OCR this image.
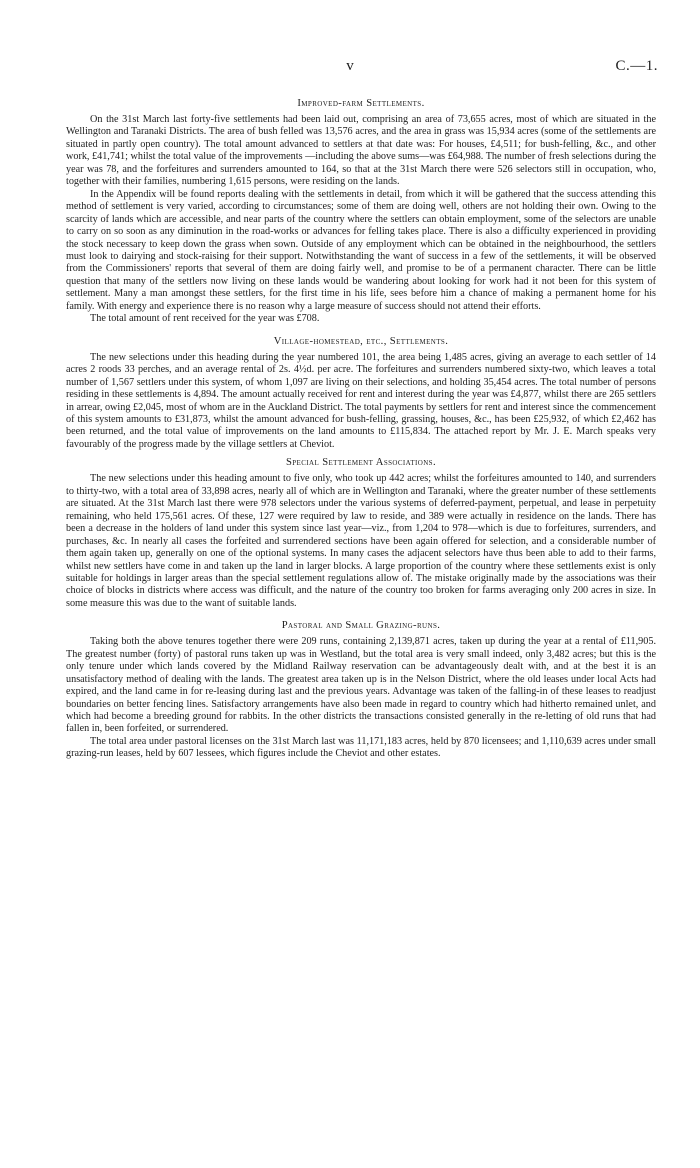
v	C.—1.
Improved-farm Settlements.

On the 31st March last forty-five settlements had been laid out, comprising an area of 73,655 acres, most of which are situated in the Wellington and Taranaki Districts. The area of bush felled was 13,576 acres, and the area in grass was 15,934 acres (some of the settlements are situated in partly open country). The total amount advanced to settlers at that date was: For houses, £4,511; for bush-felling, &c., and other work, £41,741; whilst the total value of the improvements —including the above sums—was £64,988. The number of fresh selections during the year was 78, and the forfeitures and surrenders amounted to 164, so that at the 31st March there were 526 selectors still in occupation, who, together with their families, numbering 1,615 persons, were residing on the lands.

In the Appendix will be found reports dealing with the settlements in detail, from which it will be gathered that the success attending this method of settlement is very varied, according to circumstances; some of them are doing well, others are not holding their own. Owing to the scarcity of lands which are accessible, and near parts of the country where the settlers can obtain employment, some of the selectors are unable to carry on so soon as any diminution in the road-works or advances for felling takes place. There is also a difficulty experienced in providing the stock necessary to keep down the grass when sown. Outside of any employment which can be obtained in the neighbourhood, the settlers must look to dairying and stock-raising for their support. Notwithstanding the want of success in a few of the settlements, it will be observed from the Commissioners' reports that several of them are doing fairly well, and promise to be of a permanent character. There can be little question that many of the settlers now living on these lands would be wandering about looking for work had it not been for this system of settlement. Many a man amongst these settlers, for the first time in his life, sees before him a chance of making a permanent home for his family. With energy and experience there is no reason why a large measure of success should not attend their efforts.

The total amount of rent received for the year was £708.

Village-homestead, etc., Settlements.

The new selections under this heading during the year numbered 101, the area being 1,485 acres, giving an average to each settler of 14 acres 2 roods 33 perches, and an average rental of 2s. 4½d. per acre. The forfeitures and surrenders numbered sixty-two, which leaves a total number of 1,567 settlers under this system, of whom 1,097 are living on their selections, and holding 35,454 acres. The total number of persons residing in these settlements is 4,894. The amount actually received for rent and interest during the year was £4,877, whilst there are 265 settlers in arrear, owing £2,045, most of whom are in the Auckland District. The total payments by settlers for rent and interest since the commencement of this system amounts to £31,873, whilst the amount advanced for bush-felling, grassing, houses, &c., has been £25,932, of which £2,462 has been returned, and the total value of improvements on the land amounts to £115,834. The attached report by Mr. J. E. March speaks very favourably of the progress made by the village settlers at Cheviot.

Special Settlement Associations.

The new selections under this heading amount to five only, who took up 442 acres; whilst the forfeitures amounted to 140, and surrenders to thirty-two, with a total area of 33,898 acres, nearly all of which are in Wellington and Taranaki, where the greater number of these settlements are situated. At the 31st March last there were 978 selectors under the various systems of deferred-payment, perpetual, and lease in perpetuity remaining, who held 175,561 acres. Of these, 127 were required by law to reside, and 389 were actually in residence on the lands. There has been a decrease in the holders of land under this system since last year—viz., from 1,204 to 978—which is due to forfeitures, surrenders, and purchases, &c. In nearly all cases the forfeited and surrendered sections have been again offered for selection, and a considerable number of them again taken up, generally on one of the optional systems. In many cases the adjacent selectors have thus been able to add to their farms, whilst new settlers have come in and taken up the land in larger blocks. A large proportion of the country where these settlements exist is only suitable for holdings in larger areas than the special settlement regulations allow of. The mistake originally made by the associations was their choice of blocks in districts where access was difficult, and the nature of the country too broken for farms averaging only 200 acres in size. In some measure this was due to the want of suitable lands.

Pastoral and Small Grazing-runs.

Taking both the above tenures together there were 209 runs, containing 2,139,871 acres, taken up during the year at a rental of £11,905. The greatest number (forty) of pastoral runs taken up was in Westland, but the total area is very small indeed, only 3,482 acres; but this is the only tenure under which lands covered by the Midland Railway reservation can be advantageously dealt with, and at the best it is an unsatisfactory method of dealing with the lands. The greatest area taken up is in the Nelson District, where the old leases under local Acts had expired, and the land came in for re-leasing during last and the previous years. Advantage was taken of the falling-in of these leases to readjust boundaries on better fencing lines. Satisfactory arrangements have also been made in regard to country which had hitherto remained unlet, and which had become a breeding ground for rabbits. In the other districts the transactions consisted generally in the re-letting of old runs that had fallen in, been forfeited, or surrendered.

The total area under pastoral licenses on the 31st March last was 11,171,183 acres, held by 870 licensees; and 1,110,639 acres under small grazing-run leases, held by 607 lessees, which figures include the Cheviot and other estates.
